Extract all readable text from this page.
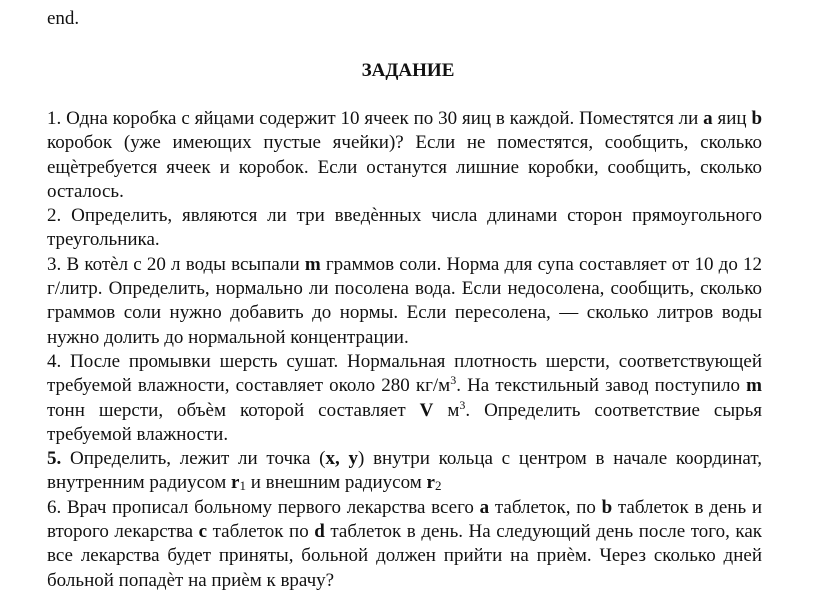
end.
ЗАДАНИЕ

1. Одна коробка с яйцами содержит 10 ячеек по 30 яиц в каждой. Поместятся ли a яиц b коробок (уже имеющих пустые ячейки)? Если не поместятся, сообщить, сколько ещѐтребуется ячеек и коробок. Если останутся лишние коробки, сообщить, сколько осталось.

2. Определить, являются ли три введѐнных числа длинами сторон прямоугольного треугольника.

3. В котѐл с 20 л воды всыпали m граммов соли. Норма для супа составляет от 10 до 12 г/литр. Определить, нормально ли посолена вода. Если недосолена, сообщить, сколько граммов соли нужно добавить до нормы. Если пересолена, — сколько литров воды нужно долить до нормальной концентрации.

4. После промывки шерсть сушат. Нормальная плотность шерсти, соответствующей требуемой влажности, составляет около 280 $кг/м^3$. На текстильный завод поступило m тонн шерсти, объѐм которой составляет V $м^3$. Определить соответствие сырья требуемой влажности.

5. Определить, лежит ли точка (x, y) внутри кольца с центром в начале координат, внутренним радиусом $r_1$ и внешним радиусом $r_2$

6. Врач прописал больному первого лекарства всего a таблеток, по b таблеток в день и второго лекарства c таблеток по d таблеток в день. На следующий день после того, как все лекарства будет приняты, больной должен прийти на приѐм. Через сколько дней больной попадѐт на приѐм к врачу?
